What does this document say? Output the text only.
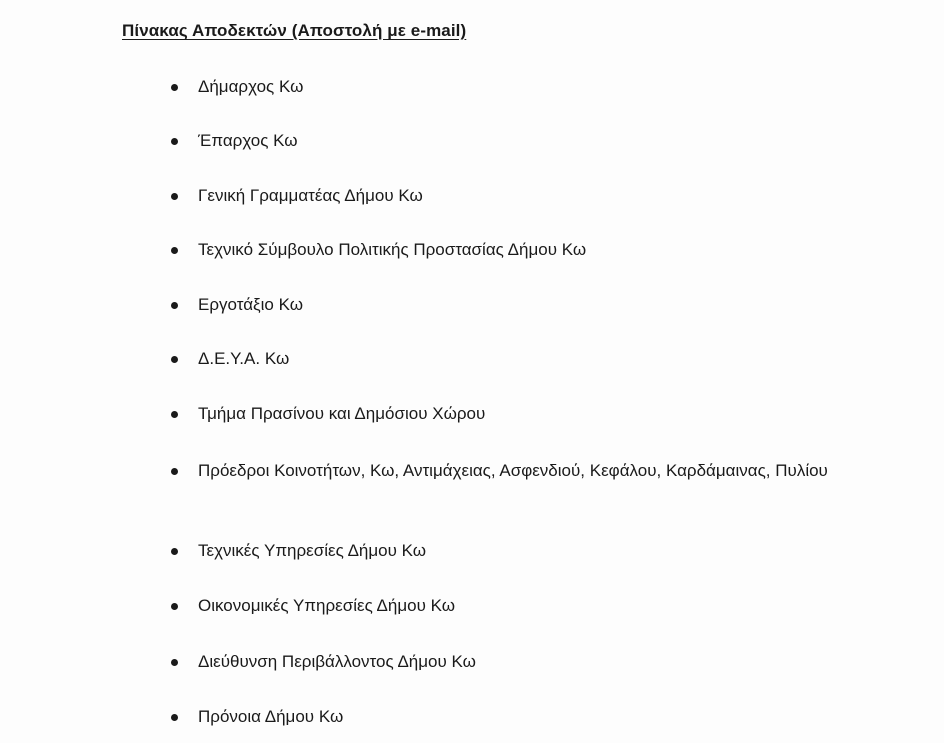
Πίνακας Αποδεκτών (Αποστολή με e-mail)
Δήμαρχος Κω
Έπαρχος Κω
Γενική Γραμματέας Δήμου Κω
Τεχνικό Σύμβουλο Πολιτικής Προστασίας Δήμου Κω
Εργοτάξιο Κω
Δ.Ε.Υ.Α. Κω
Τμήμα Πρασίνου και Δημόσιου Χώρου
Πρόεδροι Κοινοτήτων, Κω, Αντιμάχειας, Ασφενδιού, Κεφάλου, Καρδάμαινας, Πυλίου
Τεχνικές Υπηρεσίες Δήμου Κω
Οικονομικές Υπηρεσίες Δήμου Κω
Διεύθυνση Περιβάλλοντος Δήμου Κω
Πρόνοια Δήμου Κω
